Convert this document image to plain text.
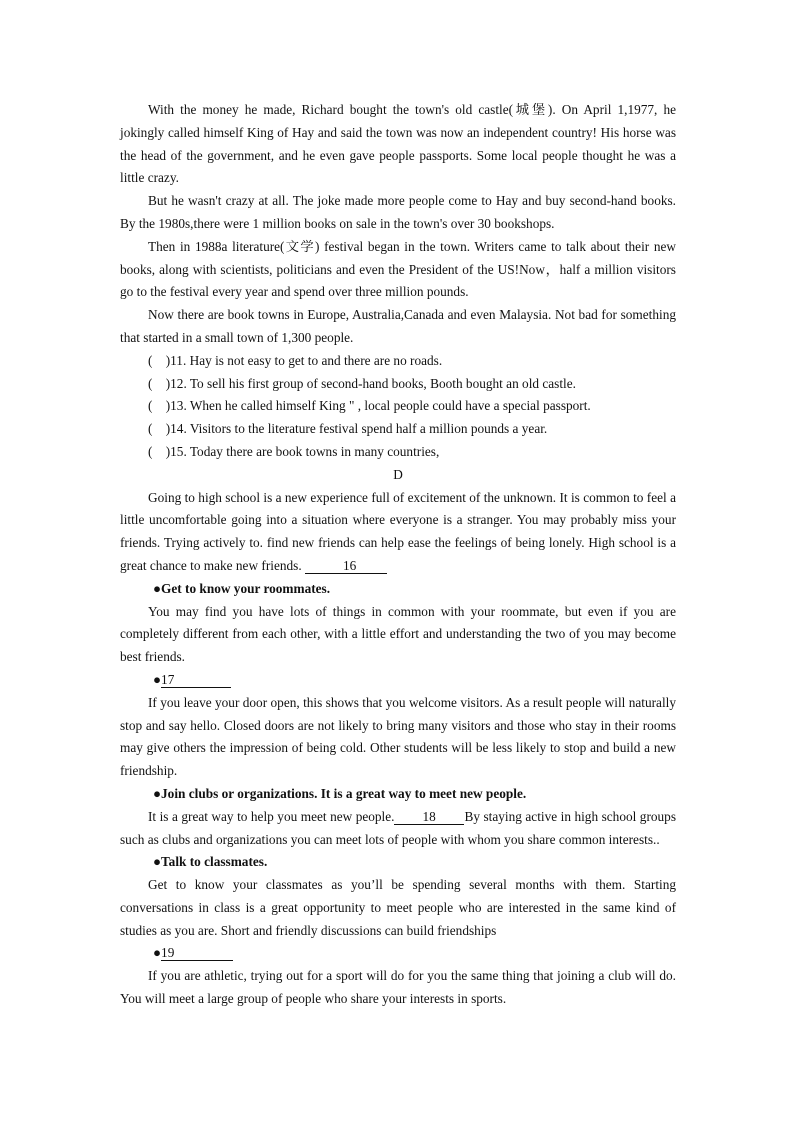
With the money he made, Richard bought the town's old castle(城堡). On April 1,1977, he jokingly called himself King of Hay and said the town was now an independent country! His horse was the head of the government, and he even gave people passports. Some local people thought he was a little crazy.

But he wasn't crazy at all. The joke made more people come to Hay and buy second-hand books. By the 1980s,there were 1 million books on sale in the town's over 30 bookshops.

Then in 1988a literature(文学) festival began in the town. Writers came to talk about their new books, along with scientists, politicians and even the President of the US!Now，half a million visitors go to the festival every year and spend over three million pounds.

Now there are book towns in Europe, Australia,Canada and even Malaysia. Not bad for something that started in a small town of 1,300 people.

(    )11. Hay is not easy to get to and there are no roads.

(    )12. To sell his first group of second-hand books, Booth bought an old castle.

(    )13. When he called himself King " , local people could have a special passport.

(    )14. Visitors to the literature festival spend half a million pounds a year.

(    )15. Today there are book towns in many countries,

D

Going to high school is a new experience full of excitement of the unknown. It is common to feel a little uncomfortable going into a situation where everyone is a stranger. You may probably miss your friends. Trying actively to. find new friends can help ease the feelings of being lonely. High school is a great chance to make new friends.	16

●Get to know your roommates.

You may find you have lots of things in common with your roommate, but even if you are completely different from each other, with a little effort and understanding the two of you may become best friends.

●17

If you leave your door open, this shows that you welcome visitors. As a result people will naturally stop and say hello. Closed doors are not likely to bring many visitors and those who stay in their rooms may give others the impression of being cold. Other students will be less likely to stop and build a new friendship.

●Join clubs or organizations. It is a great way to meet new people.

It is a great way to help you meet new people. 18 By staying active in high school groups such as clubs and organizations you can meet lots of people with whom you share common interests..

●Talk to classmates.

Get to know your classmates as you’ll be spending several months with them. Starting conversations in class is a great opportunity to meet people who are interested in the same kind of studies as you are. Short and friendly discussions can build friendships

●19

If you are athletic, trying out for a sport will do for you the same thing that joining a club will do. You will meet a large group of people who share your interests in sports.
